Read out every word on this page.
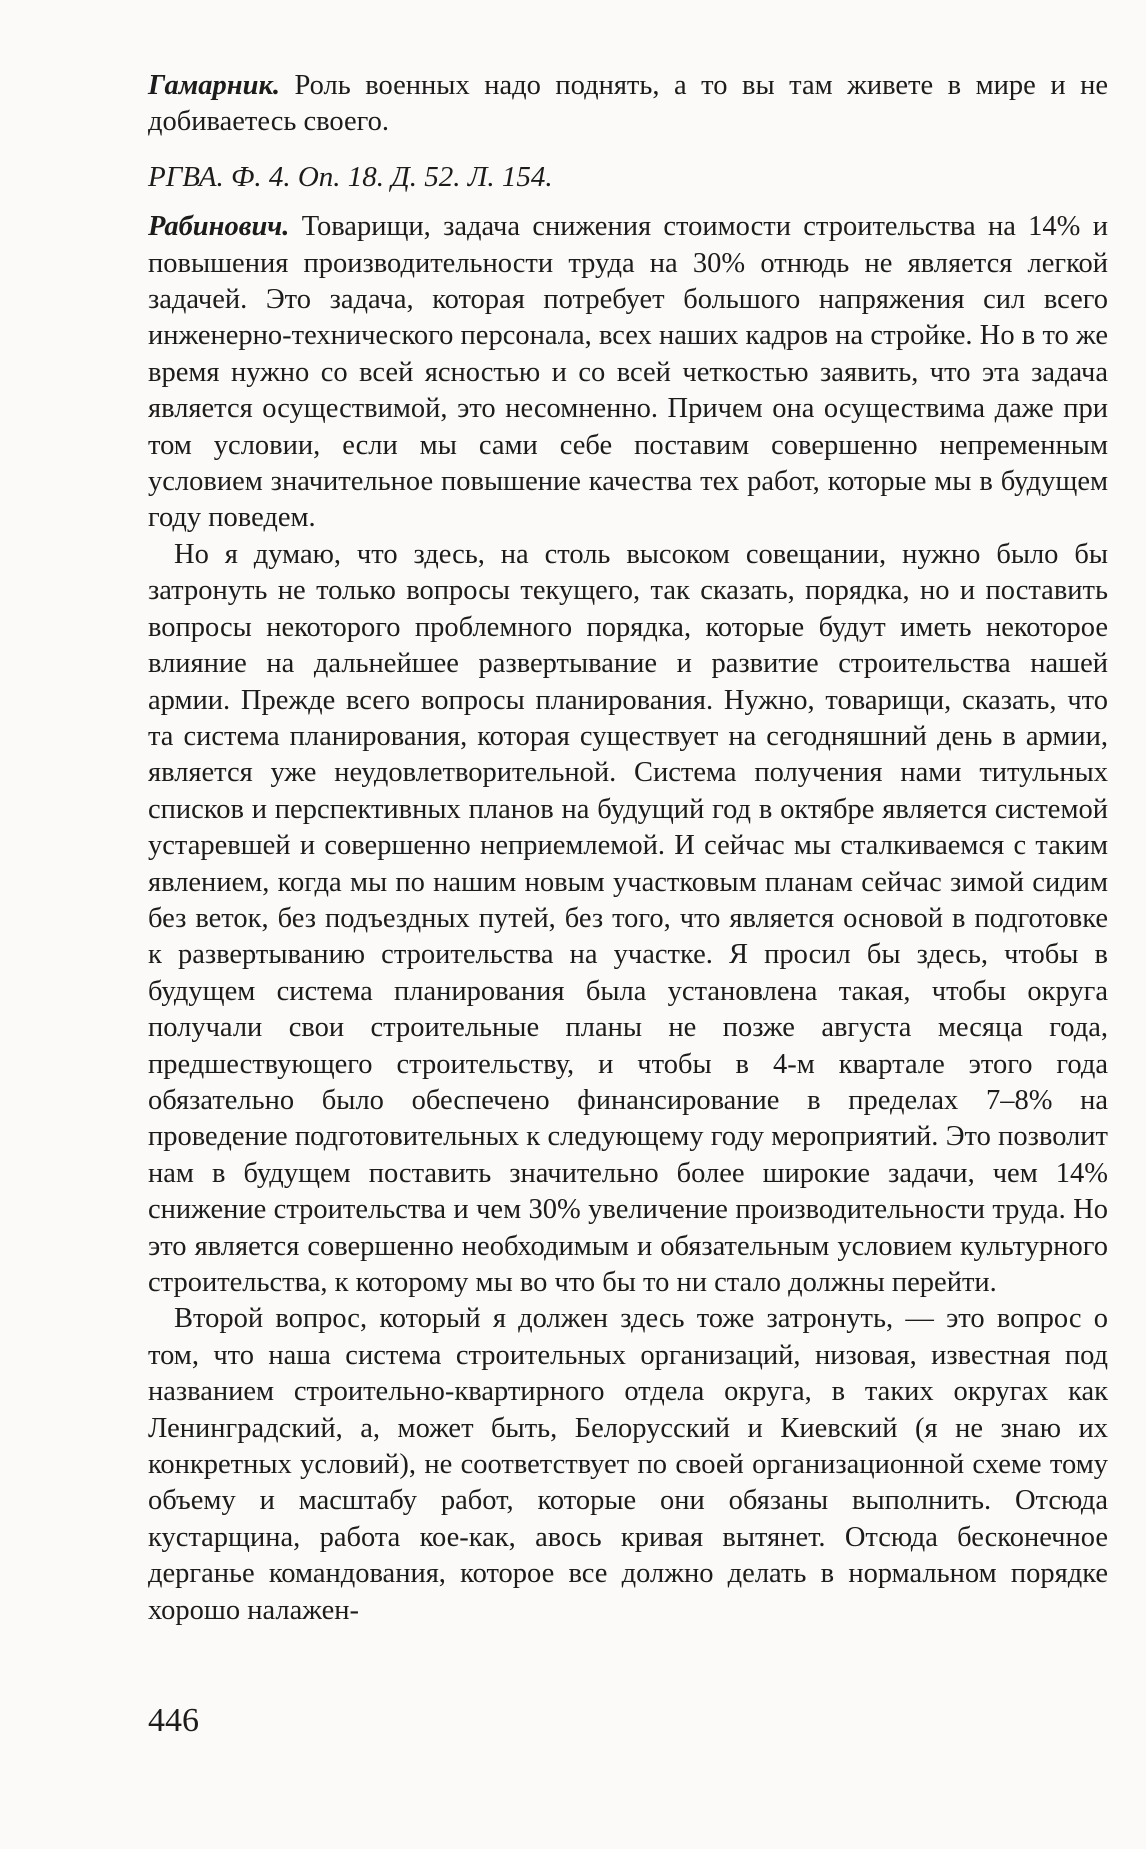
Гамарник. Роль военных надо поднять, а то вы там живете в мире и не добиваетесь своего.

РГВА. Ф. 4. Оп. 18. Д. 52. Л. 154.

Рабинович. Товарищи, задача снижения стоимости строительства на 14% и повышения производительности труда на 30% отнюдь не является легкой задачей. Это задача, которая потребует большого напряжения сил всего инженерно-технического персонала, всех наших кадров на стройке. Но в то же время нужно со всей ясностью и со всей четкостью заявить, что эта задача является осуществимой, это несомненно. Причем она осуществима даже при том условии, если мы сами себе поставим совершенно непременным условием значительное повышение качества тех работ, которые мы в будущем году поведем.

Но я думаю, что здесь, на столь высоком совещании, нужно было бы затронуть не только вопросы текущего, так сказать, порядка, но и поставить вопросы некоторого проблемного порядка, которые будут иметь некоторое влияние на дальнейшее развертывание и развитие строительства нашей армии. Прежде всего вопросы планирования. Нужно, товарищи, сказать, что та система планирования, которая существует на сегодняшний день в армии, является уже неудовлетворительной. Система получения нами титульных списков и перспективных планов на будущий год в октябре является системой устаревшей и совершенно неприемлемой. И сейчас мы сталкиваемся с таким явлением, когда мы по нашим новым участковым планам сейчас зимой сидим без веток, без подъездных путей, без того, что является основой в подготовке к развертыванию строительства на участке. Я просил бы здесь, чтобы в будущем система планирования была установлена такая, чтобы округа получали свои строительные планы не позже августа месяца года, предшествующего строительству, и чтобы в 4-м квартале этого года обязательно было обеспечено финансирование в пределах 7–8% на проведение подготовительных к следующему году мероприятий. Это позволит нам в будущем поставить значительно более широкие задачи, чем 14% снижение строительства и чем 30% увеличение производительности труда. Но это является совершенно необходимым и обязательным условием культурного строительства, к которому мы во что бы то ни стало должны перейти.

Второй вопрос, который я должен здесь тоже затронуть, — это вопрос о том, что наша система строительных организаций, низовая, известная под названием строительно-квартирного отдела округа, в таких округах как Ленинградский, а, может быть, Белорусский и Киевский (я не знаю их конкретных условий), не соответствует по своей организационной схеме тому объему и масштабу работ, которые они обязаны выполнить. Отсюда кустарщина, работа кое-как, авось кривая вытянет. Отсюда бесконечное дерганье командования, которое все должно делать в нормальном порядке хорошо налажен-

446
